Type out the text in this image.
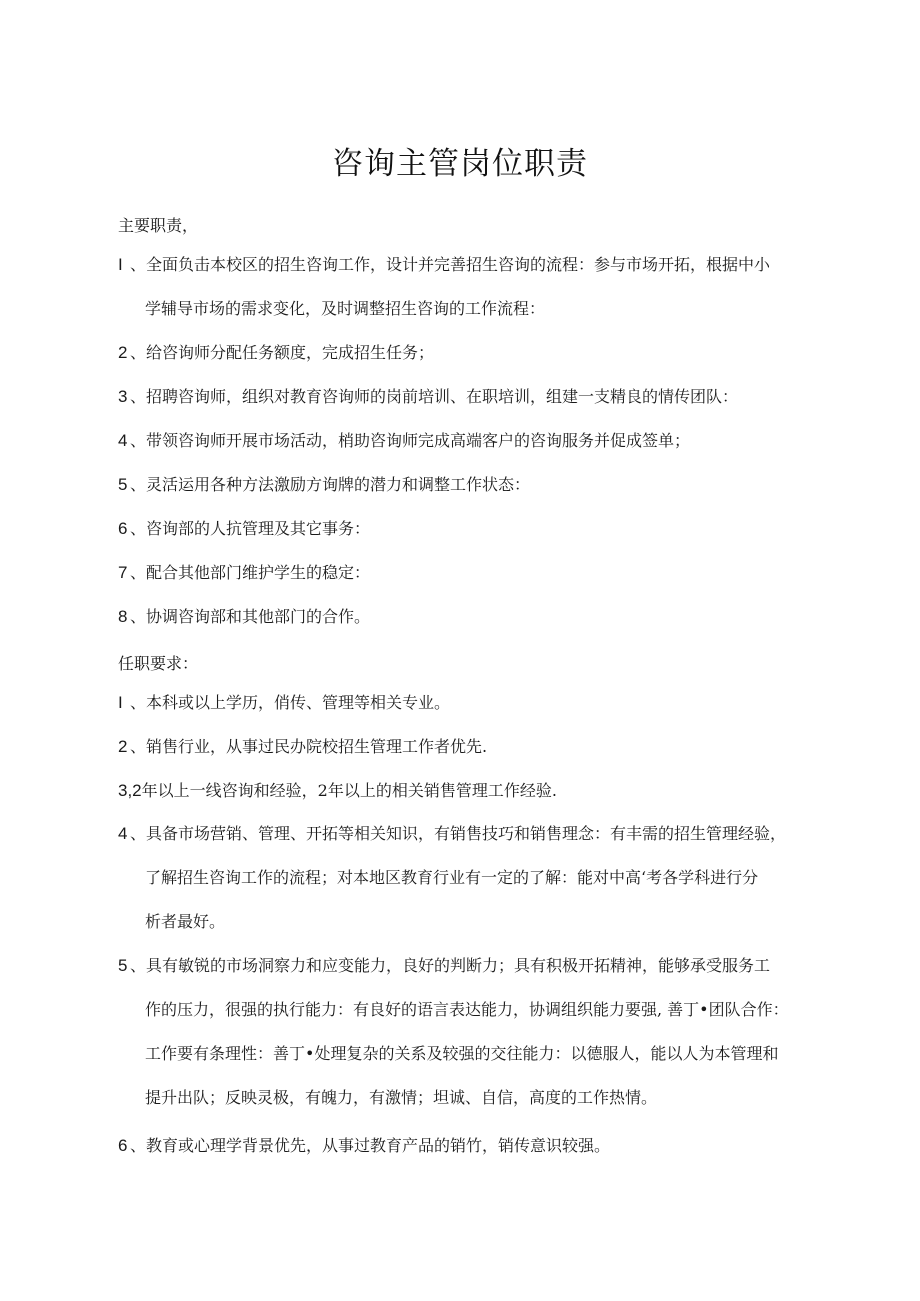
咨询主管岗位职责
主要职责，
I 、全面负击本校区的招生咨询工作，设计并完善招生咨询的流程：参与市场开拓，根据中小
学辅导市场的需求变化，及时调整招生咨询的工作流程：
2 、给咨询师分配任务额度，完成招生任务；
3 、招聘咨询师，组织对教育咨询师的岗前培训、在职培训，组建一支精良的情传团队：
4 、带领咨询师开展市场活动，梢助咨询师完成高端客户的咨询服务并促成签单；
5 、灵活运用各种方法激励方询牌的潜力和调整工作状态：
6 、咨询部的人抗管理及其它事务：
7 、配合其他部门维护学生的稳定：
8 、协调咨询部和其他部门的合作。
任职要求：
I 、本科或以上学历，俏传、管理等相关专业。
2 、销售行业，从事过民办院校招生管理工作者优先.
3,2年以上一线咨询和经验，2年以上的相关销售管理工作经验.
4 、具备市场营销、管理、开拓等相关知识，有销售技巧和销售理念：有丰需的招生管理经验，
了解招生咨询工作的流程；对本地区教育行业有一定的了解：能对中高‘考各学科进行分
析者最好。
5 、具有敏锐的市场洞察力和应变能力，良好的判断力；具有积极开拓精神，能够承受服务工
作的压力，很强的执行能力：有良好的语言表达能力，协调组织能力要强, 善丁•团队合作：
工作要有条理性：善丁•处理复杂的关系及较强的交往能力：以德服人，能以人为本管理和
提升出队；反映灵极，有魄力，有激情；坦诚、自信，高度的工作热情。
6 、教育或心理学背景优先，从事过教育产品的销竹，销传意识较强。
